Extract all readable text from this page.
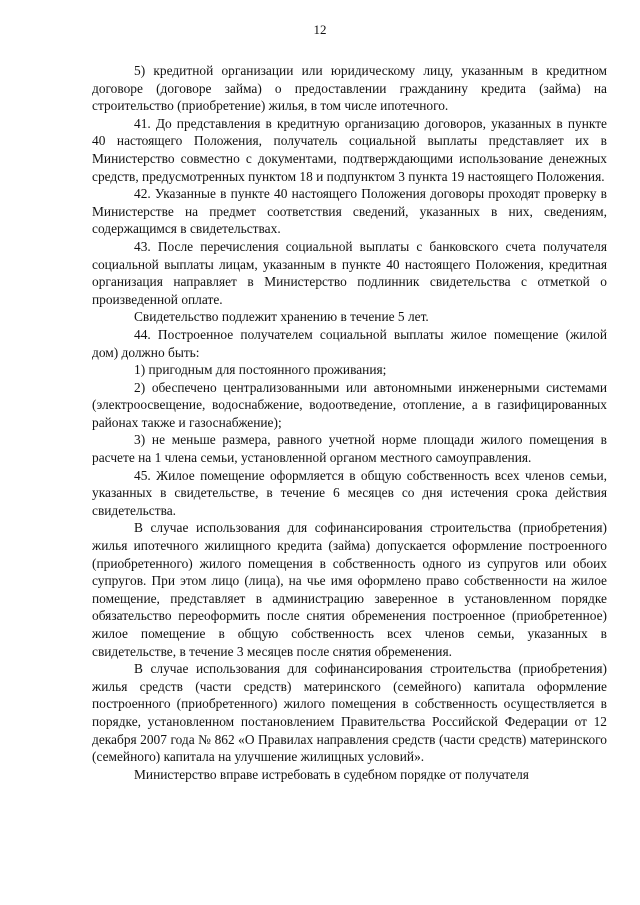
12

5) кредитной организации или юридическому лицу, указанным в кредитном договоре (договоре займа) о предоставлении гражданину кредита (займа) на строительство (приобретение) жилья, в том числе ипотечного.

41. До представления в кредитную организацию договоров, указанных в пункте 40 настоящего Положения, получатель социальной выплаты представляет их в Министерство совместно с документами, подтверждающими использование денежных средств, предусмотренных пунктом 18 и подпунктом 3 пункта 19 настоящего Положения.

42. Указанные в пункте 40 настоящего Положения договоры проходят проверку в Министерстве на предмет соответствия сведений, указанных в них, сведениям, содержащимся в свидетельствах.

43. После перечисления социальной выплаты с банковского счета получателя социальной выплаты лицам, указанным в пункте 40 настоящего Положения, кредитная организация направляет в Министерство подлинник свидетельства с отметкой о произведенной оплате.

Свидетельство подлежит хранению в течение 5 лет.

44. Построенное получателем социальной выплаты жилое помещение (жилой дом) должно быть:

1) пригодным для постоянного проживания;

2) обеспечено централизованными или автономными инженерными системами (электроосвещение, водоснабжение, водоотведение, отопление, а в газифицированных районах также и газоснабжение);

3) не меньше размера, равного учетной норме площади жилого помещения в расчете на 1 члена семьи, установленной органом местного самоуправления.

45. Жилое помещение оформляется в общую собственность всех членов семьи, указанных в свидетельстве, в течение 6 месяцев со дня истечения срока действия свидетельства.

В случае использования для софинансирования строительства (приобретения) жилья ипотечного жилищного кредита (займа) допускается оформление построенного (приобретенного) жилого помещения в собственность одного из супругов или обоих супругов. При этом лицо (лица), на чье имя оформлено право собственности на жилое помещение, представляет в администрацию заверенное в установленном порядке обязательство переоформить после снятия обременения построенное (приобретенное) жилое помещение в общую собственность всех членов семьи, указанных в свидетельстве, в течение 3 месяцев после снятия обременения.

В случае использования для софинансирования строительства (приобретения) жилья средств (части средств) материнского (семейного) капитала оформление построенного (приобретенного) жилого помещения в собственность осуществляется в порядке, установленном постановлением Правительства Российской Федерации от 12 декабря 2007 года № 862 «О Правилах направления средств (части средств) материнского (семейного) капитала на улучшение жилищных условий».

Министерство вправе истребовать в судебном порядке от получателя
